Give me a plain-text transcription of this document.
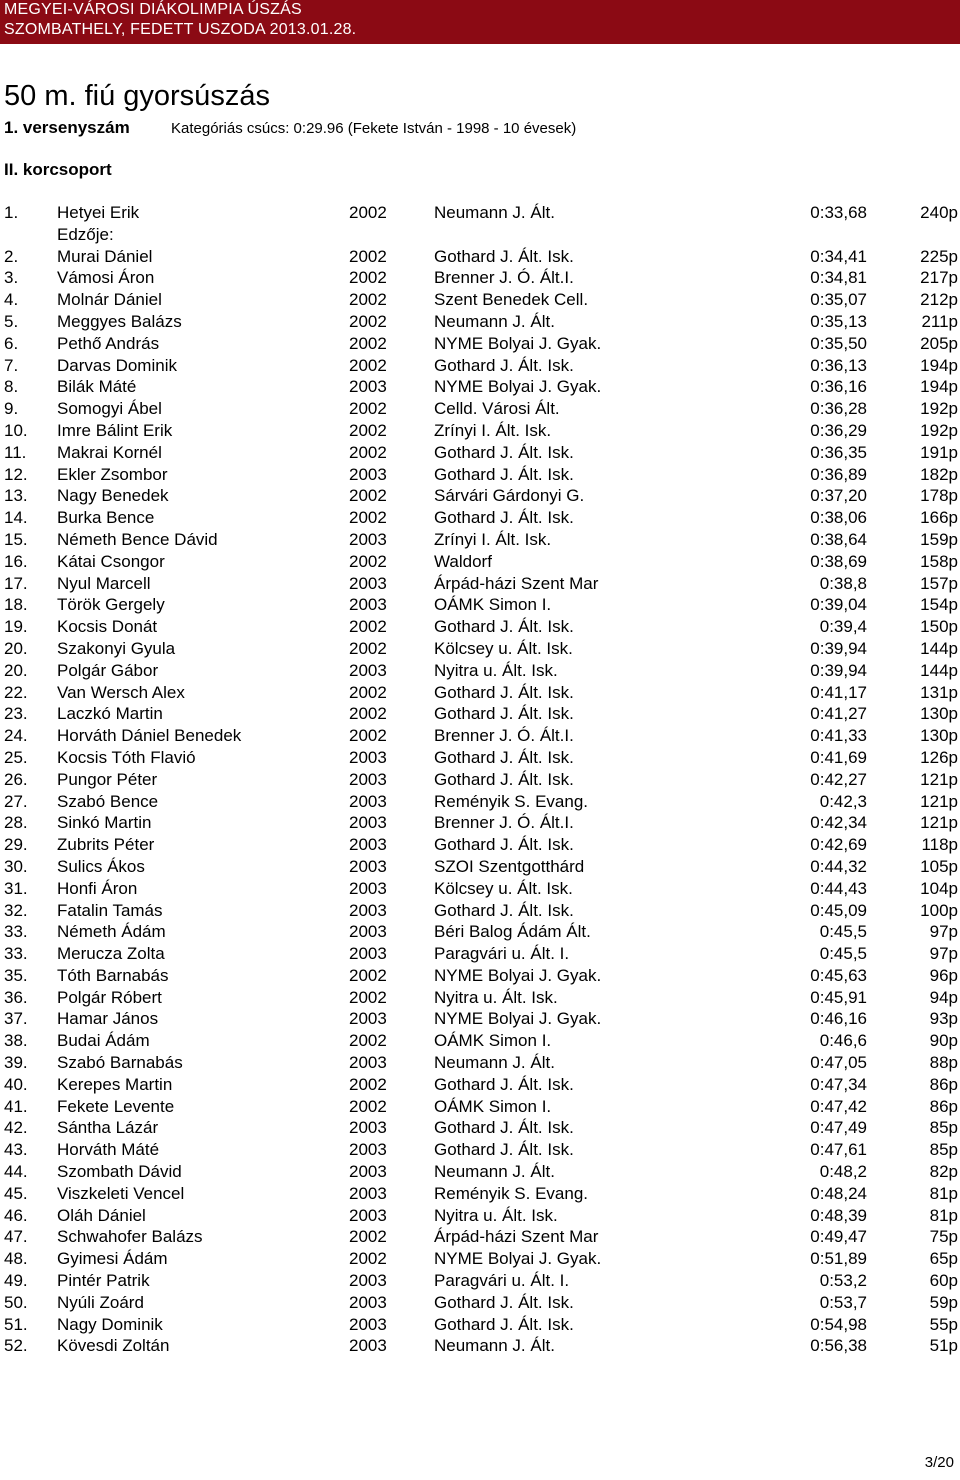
MEGYEI-VÁROSI DIÁKOLIMPIA ÚSZÁS
SZOMBATHELY, FEDETT USZODA 2013.01.28.
50 m. fiú gyorsúszás
1. versenyszám	Kategóriás csúcs: 0:29.96 (Fekete István - 1998 - 10 évesek)
II. korcsoport
1. Hetyei Erik	2002	Neumann J. Ált.	0:33,68	240p
Edzője:
2. Murai Dániel	2002	Gothard J. Ált. Isk.	0:34,41	225p
3. Vámosi Áron	2002	Brenner J. Ó. Ált.I.	0:34,81	217p
4. Molnár Dániel	2002	Szent Benedek Cell.	0:35,07	212p
5. Meggyes Balázs	2002	Neumann J. Ált.	0:35,13	211p
6. Pethő András	2002	NYME Bolyai J. Gyak.	0:35,50	205p
7. Darvas Dominik	2002	Gothard J. Ált. Isk.	0:36,13	194p
8. Bilák Máté	2003	NYME Bolyai J. Gyak.	0:36,16	194p
9. Somogyi Ábel	2002	Celld. Városi Ált.	0:36,28	192p
10. Imre Bálint Erik	2002	Zrínyi I. Ált. Isk.	0:36,29	192p
11. Makrai Kornél	2002	Gothard J. Ált. Isk.	0:36,35	191p
12. Ekler Zsombor	2003	Gothard J. Ált. Isk.	0:36,89	182p
13. Nagy Benedek	2002	Sárvári Gárdonyi G.	0:37,20	178p
14. Burka Bence	2002	Gothard J. Ált. Isk.	0:38,06	166p
15. Németh Bence Dávid	2003	Zrínyi I. Ált. Isk.	0:38,64	159p
16. Kátai Csongor	2002	Waldorf	0:38,69	158p
17. Nyul Marcell	2003	Árpád-házi Szent Mar	0:38,8	157p
18. Török Gergely	2003	OÁMK Simon I.	0:39,04	154p
19. Kocsis Donát	2002	Gothard J. Ált. Isk.	0:39,4	150p
20. Szakonyi Gyula	2002	Kölcsey u. Ált. Isk.	0:39,94	144p
20. Polgár Gábor	2003	Nyitra u. Ált. Isk.	0:39,94	144p
22. Van Wersch Alex	2002	Gothard J. Ált. Isk.	0:41,17	131p
23. Laczkó Martin	2002	Gothard J. Ált. Isk.	0:41,27	130p
24. Horváth Dániel Benedek	2002	Brenner J. Ó. Ált.I.	0:41,33	130p
25. Kocsis Tóth Flavió	2003	Gothard J. Ált. Isk.	0:41,69	126p
26. Pungor Péter	2003	Gothard J. Ált. Isk.	0:42,27	121p
27. Szabó Bence	2003	Reményik S. Evang.	0:42,3	121p
28. Sinkó Martin	2003	Brenner J. Ó. Ált.I.	0:42,34	121p
29. Zubrits Péter	2003	Gothard J. Ált. Isk.	0:42,69	118p
30. Sulics Ákos	2003	SZOI Szentgotthárd	0:44,32	105p
31. Honfi Áron	2003	Kölcsey u. Ált. Isk.	0:44,43	104p
32. Fatalin Tamás	2003	Gothard J. Ált. Isk.	0:45,09	100p
33. Németh Ádám	2003	Béri Balog Ádám Ált.	0:45,5	97p
33. Merucza Zolta	2003	Paragvári u. Ált. I.	0:45,5	97p
35. Tóth Barnabás	2002	NYME Bolyai J. Gyak.	0:45,63	96p
36. Polgár Róbert	2002	Nyitra u. Ált. Isk.	0:45,91	94p
37. Hamar János	2003	NYME Bolyai J. Gyak.	0:46,16	93p
38. Budai Ádám	2002	OÁMK Simon I.	0:46,6	90p
39. Szabó Barnabás	2003	Neumann J. Ált.	0:47,05	88p
40. Kerepes Martin	2002	Gothard J. Ált. Isk.	0:47,34	86p
41. Fekete Levente	2002	OÁMK Simon I.	0:47,42	86p
42. Sántha Lázár	2003	Gothard J. Ált. Isk.	0:47,49	85p
43. Horváth Máté	2003	Gothard J. Ált. Isk.	0:47,61	85p
44. Szombath Dávid	2003	Neumann J. Ált.	0:48,2	82p
45. Viszkeleti Vencel	2003	Reményik S. Evang.	0:48,24	81p
46. Oláh Dániel	2003	Nyitra u. Ált. Isk.	0:48,39	81p
47. Schwahofer Balázs	2002	Árpád-házi Szent Mar	0:49,47	75p
48. Gyimesi Ádám	2002	NYME Bolyai J. Gyak.	0:51,89	65p
49. Pintér Patrik	2003	Paragvári u. Ált. I.	0:53,2	60p
50. Nyúli Zoárd	2003	Gothard J. Ált. Isk.	0:53,7	59p
51. Nagy Dominik	2003	Gothard J. Ált. Isk.	0:54,98	55p
52. Kövesdi Zoltán	2003	Neumann J. Ált.	0:56,38	51p
3/20
